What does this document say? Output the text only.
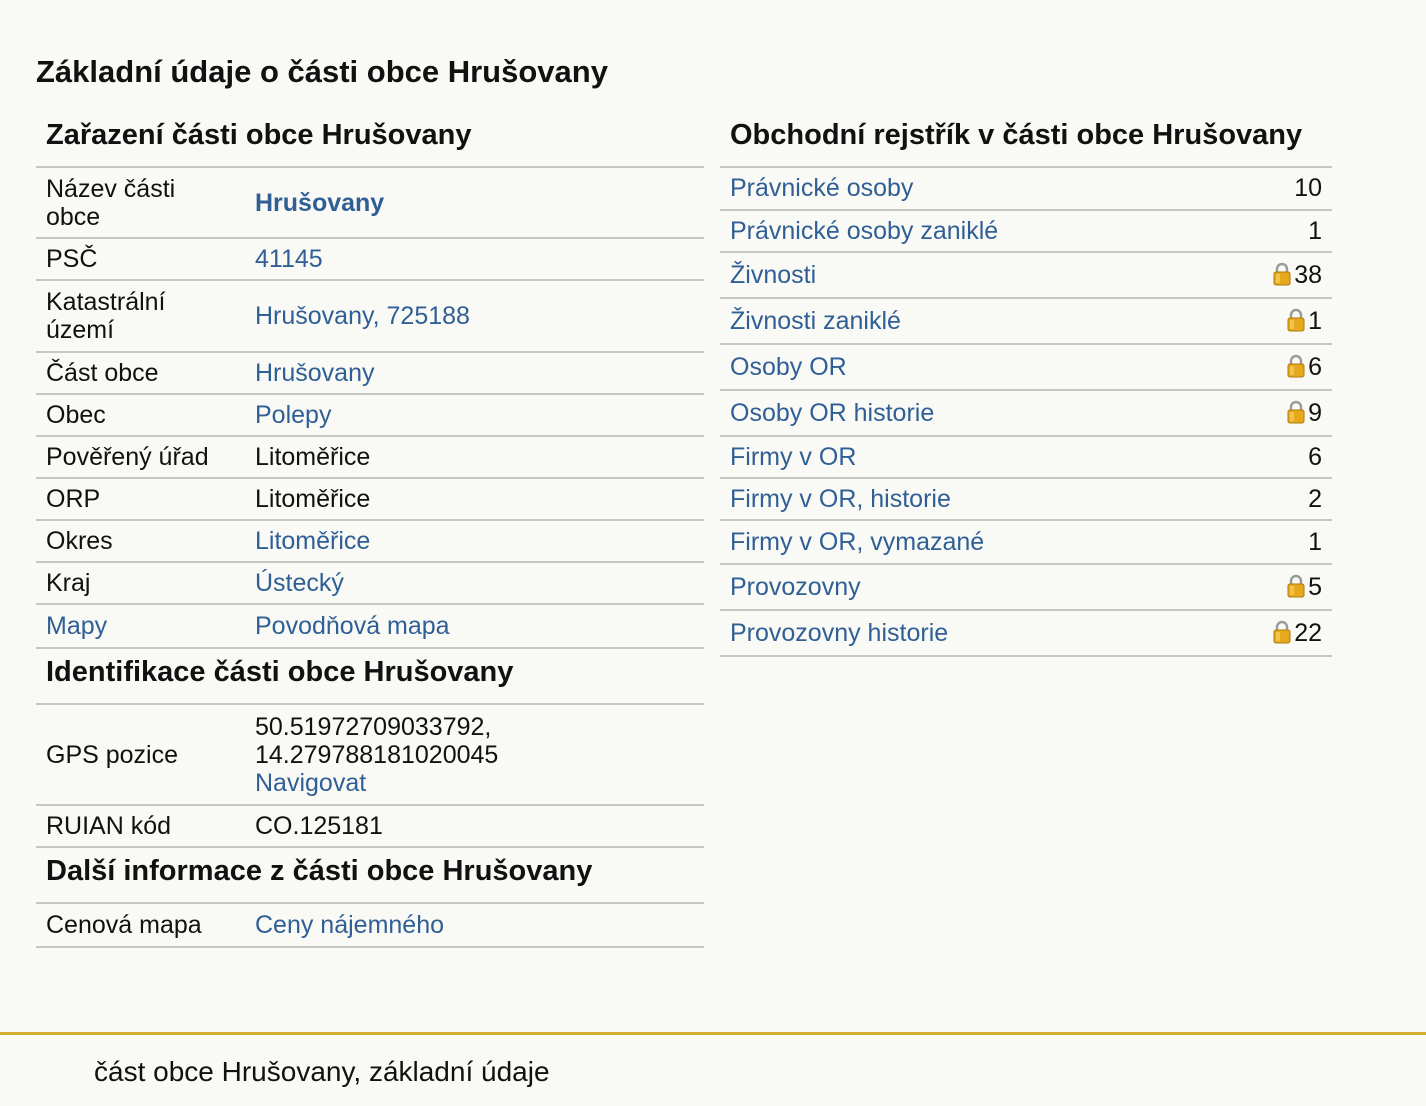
Základní údaje o části obce Hrušovany
Zařazení části obce Hrušovany
Název části obce	Hrušovany
PSČ	41145
Katastrální území	Hrušovany, 725188
Část obce	Hrušovany
Obec	Polepy
Pověřený úřad	Litoměřice
ORP	Litoměřice
Okres	Litoměřice
Kraj	Ústecký
Mapy	Povodňová mapa
Identifikace části obce Hrušovany
GPS pozice	50.51972709033792,
14.279788181020045
Navigovat
RUIAN kód	CO.125181
Další informace z části obce Hrušovany
Cenová mapa	Ceny nájemného
Obchodní rejstřík v části obce Hrušovany
Právnické osoby	10
Právnické osoby zaniklé	1
Živnosti	38
Živnosti zaniklé	1
Osoby OR	6
Osoby OR historie	9
Firmy v OR	6
Firmy v OR, historie	2
Firmy v OR, vymazané	1
Provozovny	5
Provozovny historie	22
část obce Hrušovany, základní údaje
